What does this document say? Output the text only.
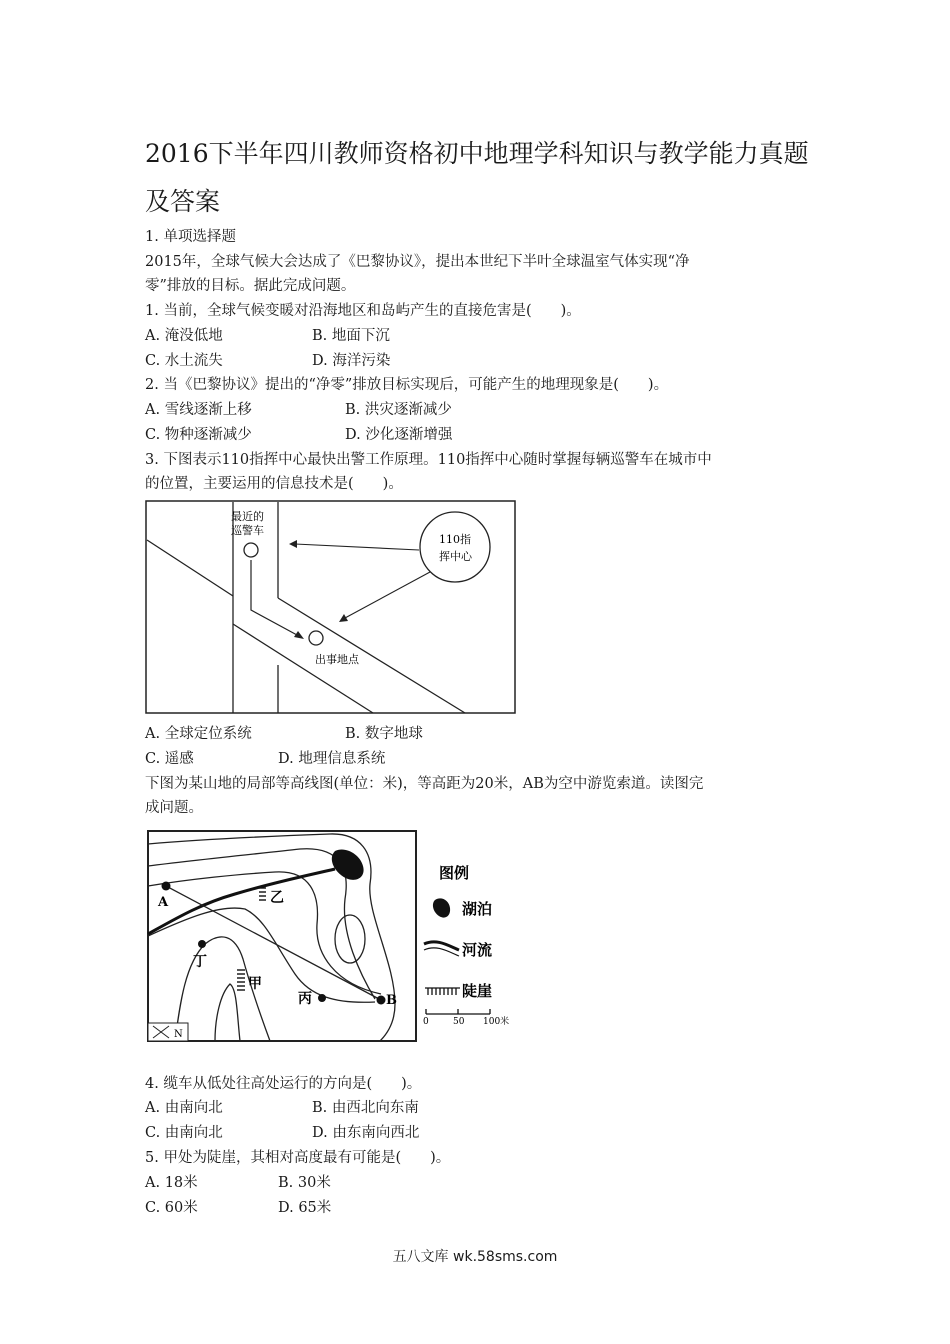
2016下半年四川教师资格初中地理学科知识与教学能力真题及答案
1. 单项选择题
2015年，全球气候大会达成了《巴黎协议》，提出本世纪下半叶全球温室气体实现“净
零”排放的目标。据此完成问题。
1. 当前，全球气候变暖对沿海地区和岛屿产生的直接危害是(　　)。
A. 淹没低地	B. 地面下沉
C. 水土流失	D. 海洋污染
2. 当《巴黎协议》提出的“净零”排放目标实现后，可能产生的地理现象是(　　)。
A. 雪线逐渐上移	B. 洪灾逐渐减少
C. 物种逐渐减少	D. 沙化逐渐增强
3. 下图表示110指挥中心最快出警工作原理。110指挥中心随时掌握每辆巡警车在城市中
的位置，主要运用的信息技术是(　　)。
最近的
巡警车
出事地点
110指
挥中心
A. 全球定位系统	B. 数字地球
C. 遥感	D. 地理信息系统
下图为某山地的局部等高线图(单位：米)，等高距为20米，AB为空中游览索道。读图完
成问题。
A
B
乙
甲
丁
丙
N
图例
湖泊
河流
陡崖
0	50 100米
4. 缆车从低处往高处运行的方向是(　　)。
A. 由南向北	B. 由西北向东南
C. 由南向北	D. 由东南向西北
5. 甲处为陡崖，其相对高度最有可能是(　　)。
A. 18米	B. 30米
C. 60米	D. 65米
五八文库 wk.58sms.com
